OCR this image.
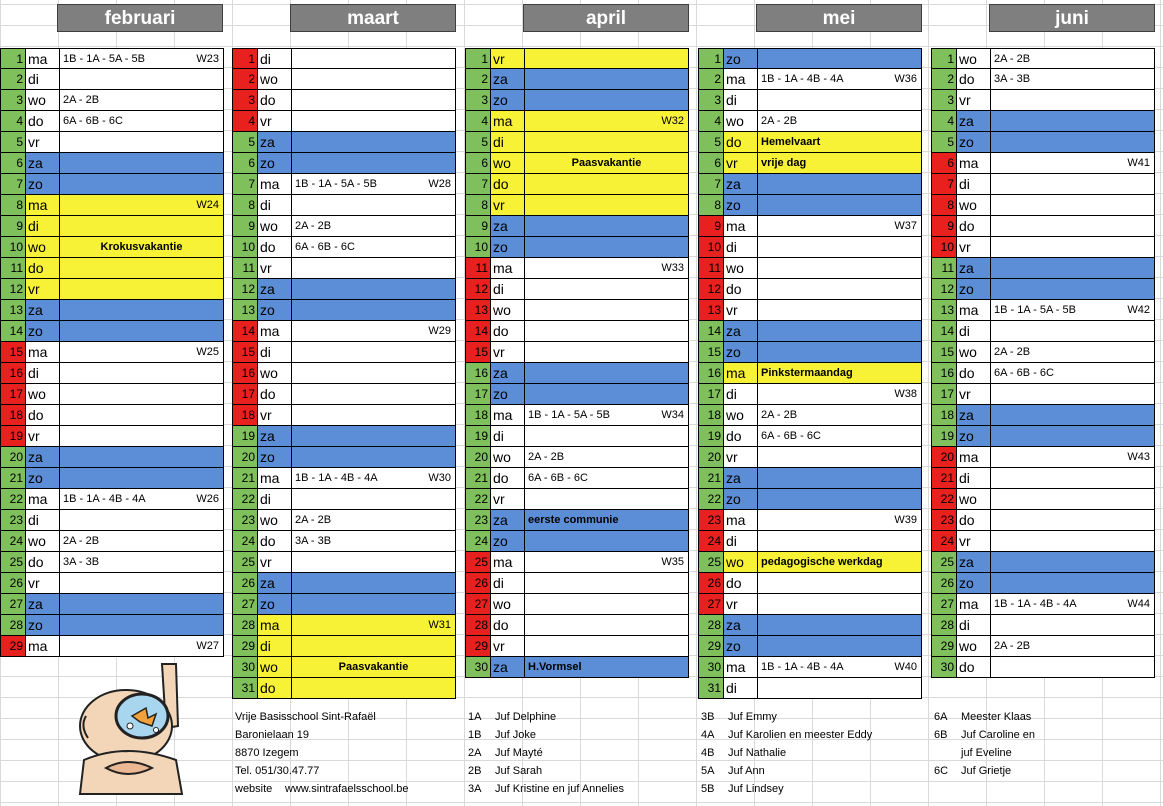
februari	maart	april	mei	juni
1 ma	1B - 1A - 5A - 5B	W23
2 di
3 wo	2A - 2B
4 do	6A - 6B - 6C
5 vr
6 za
7 zo
8 ma	W24
9 di
10 wo	Krokusvakantie
11 do
12 vr
13 za
14 zo
15 ma	W25
16 di
17 wo
18 do
19 vr
20 za
21 zo
22 ma	1B - 1A - 4B - 4A	W26
23 di
24 wo	2A - 2B
25 do	3A - 3B
26 vr
27 za
28 zo
29 ma	W27
1 di
2 wo
3 do
4 vr
5 za
6 zo
7 ma	1B - 1A - 5A - 5B	W28
8 di
9 wo	2A - 2B
10 do	6A - 6B - 6C
11 vr
12 za
13 zo
14 ma	W29
15 di
16 wo
17 do
18 vr
19 za
20 zo
21 ma	1B - 1A - 4B - 4A	W30
22 di
23 wo	2A - 2B
24 do	3A - 3B
25 vr
26 za
27 zo
28 ma	W31
29 di
30 wo	Paasvakantie
31 do
1 vr
2 za
3 zo
4 ma	W32
5 di
6 wo	Paasvakantie
7 do
8 vr
9 za
10 zo
11 ma	W33
12 di
13 wo
14 do
15 vr
16 za
17 zo
18 ma	1B - 1A - 5A - 5B	W34
19 di
20 wo	2A - 2B
21 do	6A - 6B - 6C
22 vr
23 za	eerste communie
24 zo
25 ma	W35
26 di
27 wo
28 do
29 vr
30 za	H.Vormsel
1 zo
2 ma	1B - 1A - 4B - 4A	W36
3 di
4 wo	2A - 2B
5 do	Hemelvaart
6 vr	vrije dag
7 za
8 zo
9 ma	W37
10 di
11 wo
12 do
13 vr
14 za
15 zo
16 ma	Pinkstermaandag
17 di	W38
18 wo	2A - 2B
19 do	6A - 6B - 6C
20 vr
21 za
22 zo
23 ma	W39
24 di
25 wo	pedagogische werkdag
26 do
27 vr
28 za
29 zo
30 ma	1B - 1A - 4B - 4A	W40
31 di
1 wo	2A - 2B
2 do	3A - 3B
3 vr
4 za
5 zo
6 ma	W41
7 di
8 wo
9 do
10 vr
11 za
12 zo
13 ma	1B - 1A - 5A - 5B	W42
14 di
15 wo	2A - 2B
16 do	6A - 6B - 6C
17 vr
18 za
19 zo
20 ma	W43
21 di
22 wo
23 do
24 vr
25 za
26 zo
27 ma	1B - 1A - 4B - 4A	W44
28 di
29 wo	2A - 2B
30 do
Vrije Basisschool Sint-Rafaël
Baronielaan 19
8870 Izegem
Tel. 051/30.47.77
website www.sintrafaelsschool.be
1A Juf Delphine
1B Juf Joke
2A Juf Mayté
2B Juf Sarah
3A Juf Kristine en juf Annelies
3B Juf Emmy
4A Juf Karolien en meester Eddy
4B Juf Nathalie
5A Juf Ann
5B Juf Lindsey
6A Meester Klaas
6B Juf Caroline en
juf Eveline
6C Juf Grietje
